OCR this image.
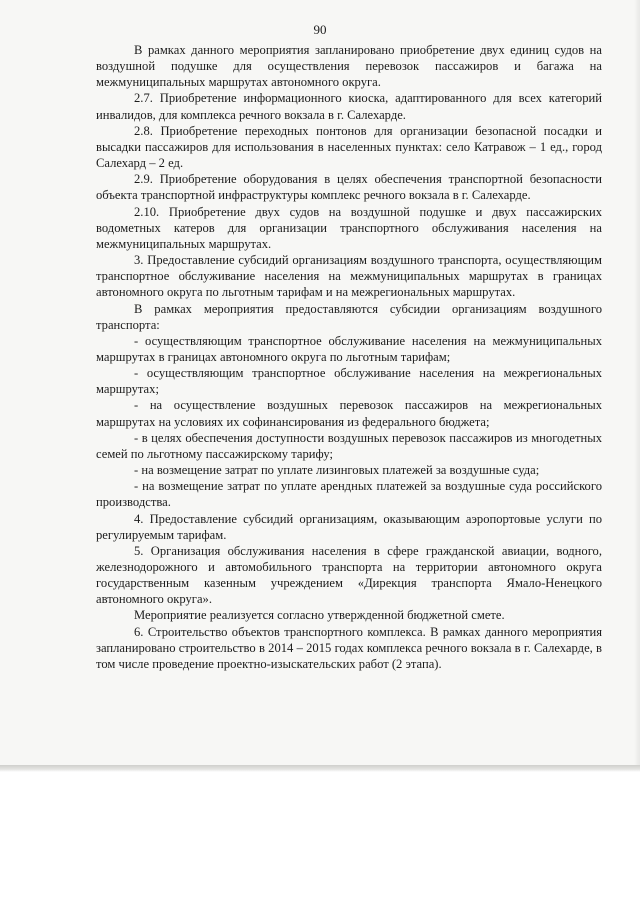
90

В рамках данного мероприятия запланировано приобретение двух единиц судов на воздушной подушке для осуществления перевозок пассажиров и багажа на межмуниципальных маршрутах автономного округа.

2.7. Приобретение информационного киоска, адаптированного для всех категорий инвалидов, для комплекса речного вокзала в г. Салехарде.

2.8. Приобретение переходных понтонов для организации безопасной посадки и высадки пассажиров для использования в населенных пунктах: село Катравож – 1 ед., город Салехард – 2 ед.

2.9. Приобретение оборудования в целях обеспечения транспортной безопасности объекта транспортной инфраструктуры комплекс речного вокзала в г. Салехарде.

2.10. Приобретение двух судов на воздушной подушке и двух пассажирских водометных катеров для организации транспортного обслуживания населения на межмуниципальных маршрутах.

3. Предоставление субсидий организациям воздушного транспорта, осуществляющим транспортное обслуживание населения на межмуниципальных маршрутах в границах автономного округа по льготным тарифам и на межрегиональных маршрутах.

В рамках мероприятия предоставляются субсидии организациям воздушного транспорта:

- осуществляющим транспортное обслуживание населения на межмуниципальных маршрутах в границах автономного округа по льготным тарифам;

- осуществляющим транспортное обслуживание населения на межрегиональных маршрутах;

- на осуществление воздушных перевозок пассажиров на межрегиональных маршрутах на условиях их софинансирования из федерального бюджета;

- в целях обеспечения доступности воздушных перевозок пассажиров из многодетных семей по льготному пассажирскому тарифу;

- на возмещение затрат по уплате лизинговых платежей за воздушные суда;

- на возмещение затрат по уплате арендных платежей за воздушные суда российского производства.

4. Предоставление субсидий организациям, оказывающим аэропортовые услуги по регулируемым тарифам.

5. Организация обслуживания населения в сфере гражданской авиации, водного, железнодорожного и автомобильного транспорта на территории автономного округа государственным казенным учреждением «Дирекция транспорта Ямало-Ненецкого автономного округа».

Мероприятие реализуется согласно утвержденной бюджетной смете.

6. Строительство объектов транспортного комплекса. В рамках данного мероприятия запланировано строительство в 2014 – 2015 годах комплекса речного вокзала в г. Салехарде, в том числе проведение проектно-изыскательских работ (2 этапа).
